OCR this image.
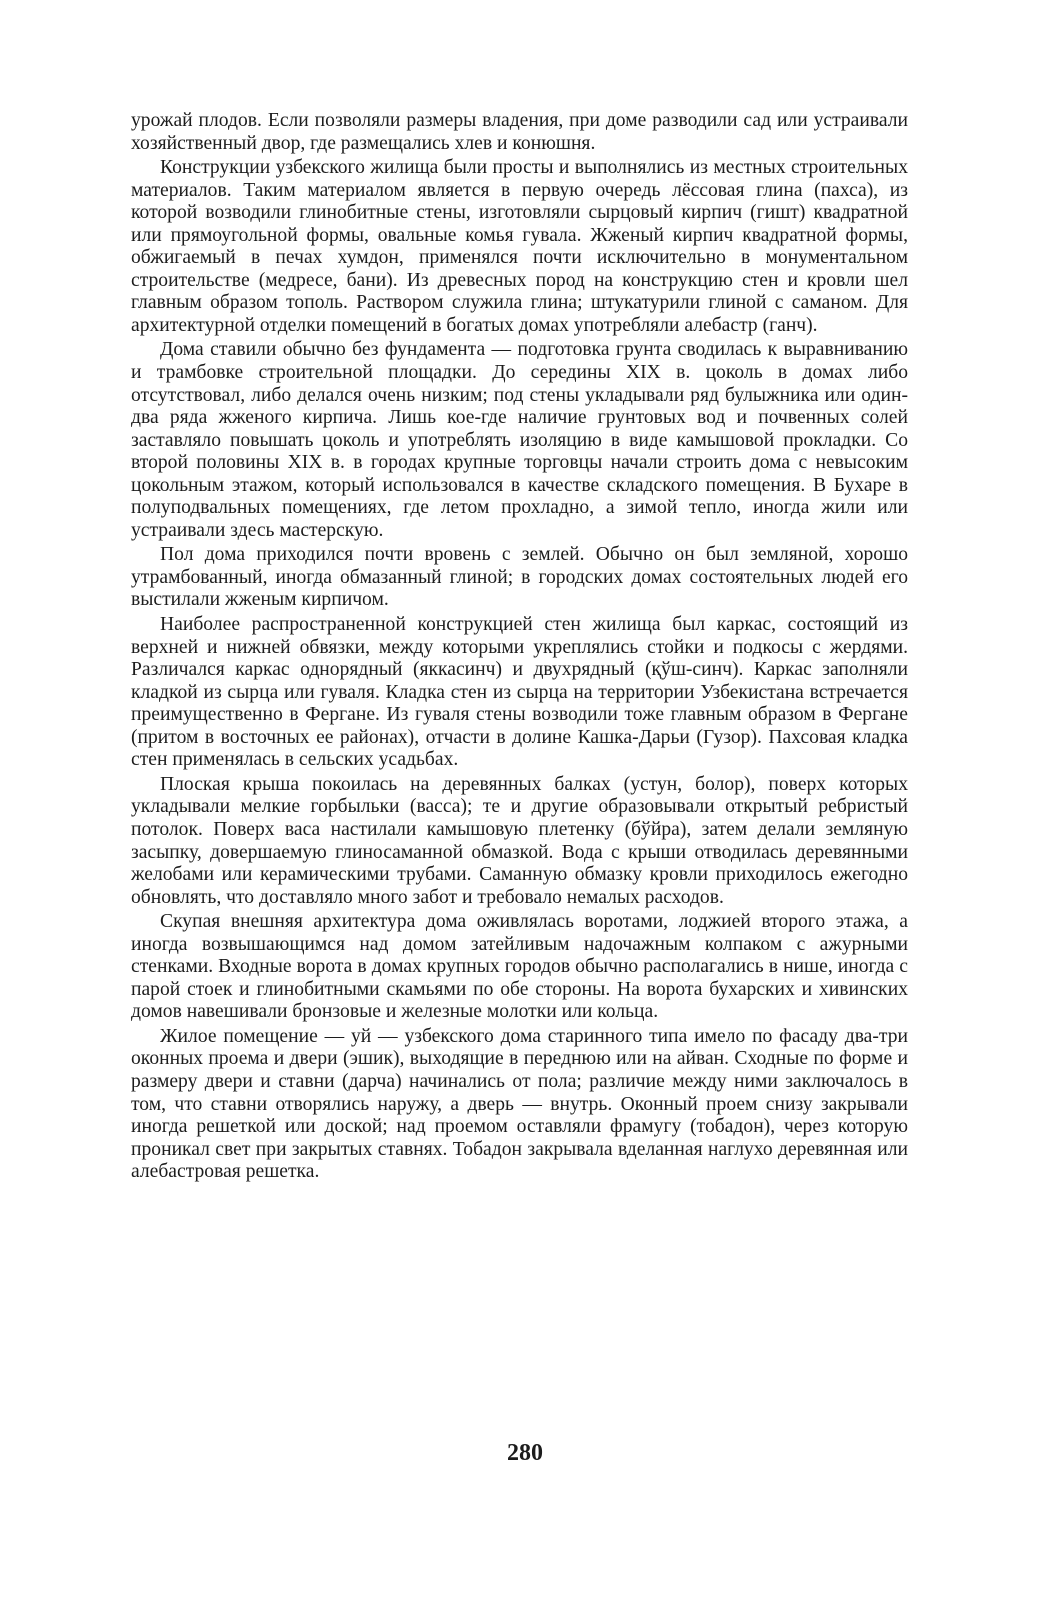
урожай плодов. Если позволяли размеры владения, при доме разводили сад или устраивали хозяйственный двор, где размещались хлев и конюшня.

Конструкции узбекского жилища были просты и выполнялись из местных строительных материалов. Таким материалом является в первую очередь лёссовая глина (пахса), из которой возводили глинобитные стены, изготовляли сырцовый кирпич (гишт) квадратной или прямоугольной формы, овальные комья гувала. Жженый кирпич квадратной формы, обжигаемый в печах хумдон, применялся почти исключительно в монументальном строительстве (медресе, бани). Из древесных пород на конструкцию стен и кровли шел главным образом тополь. Раствором служила глина; штукатурили глиной с саманом. Для архитектурной отделки помещений в богатых домах употребляли алебастр (ганч).

Дома ставили обычно без фундамента — подготовка грунта сводилась к выравниванию и трамбовке строительной площадки. До середины XIX в. цоколь в домах либо отсутствовал, либо делался очень низким; под стены укладывали ряд булыжника или один-два ряда жженого кирпича. Лишь кое-где наличие грунтовых вод и почвенных солей заставляло повышать цоколь и употреблять изоляцию в виде камышовой прокладки. Со второй половины XIX в. в городах крупные торговцы начали строить дома с невысоким цокольным этажом, который использовался в качестве складского помещения. В Бухаре в полуподвальных помещениях, где летом прохладно, а зимой тепло, иногда жили или устраивали здесь мастерскую.

Пол дома приходился почти вровень с землей. Обычно он был земляной, хорошо утрамбованный, иногда обмазанный глиной; в городских домах состоятельных людей его выстилали жженым кирпичом.

Наиболее распространенной конструкцией стен жилища был каркас, состоящий из верхней и нижней обвязки, между которыми укреплялись стойки и подкосы с жердями. Различался каркас однорядный (яккасинч) и двухрядный (қўш-синч). Каркас заполняли кладкой из сырца или гуваля. Кладка стен из сырца на территории Узбекистана встречается преимущественно в Фергане. Из гуваля стены возводили тоже главным образом в Фергане (притом в восточных ее районах), отчасти в долине Кашка-Дарьи (Гузор). Пахсовая кладка стен применялась в сельских усадьбах.

Плоская крыша покоилась на деревянных балках (устун, болор), поверх которых укладывали мелкие горбыльки (васса); те и другие образовывали открытый ребристый потолок. Поверх васа настилали камышовую плетенку (бўйра), затем делали земляную засыпку, довершаемую глиносаманной обмазкой. Вода с крыши отводилась деревянными желобами или керамическими трубами. Саманную обмазку кровли приходилось ежегодно обновлять, что доставляло много забот и требовало немалых расходов.

Скупая внешняя архитектура дома оживлялась воротами, лоджией второго этажа, а иногда возвышающимся над домом затейливым надочажным колпаком с ажурными стенками. Входные ворота в домах крупных городов обычно располагались в нише, иногда с парой стоек и глинобитными скамьями по обе стороны. На ворота бухарских и хивинских домов навешивали бронзовые и железные молотки или кольца.

Жилое помещение — уй — узбекского дома старинного типа имело по фасаду два-три оконных проема и двери (эшик), выходящие в переднюю или на айван. Сходные по форме и размеру двери и ставни (дарча) начинались от пола; различие между ними заключалось в том, что ставни отворялись наружу, а дверь — внутрь. Оконный проем снизу закрывали иногда решеткой или доской; над проемом оставляли фрамугу (тобадон), через которую проникал свет при закрытых ставнях. Тобадон закрывала вделанная наглухо деревянная или алебастровая решетка.

280
